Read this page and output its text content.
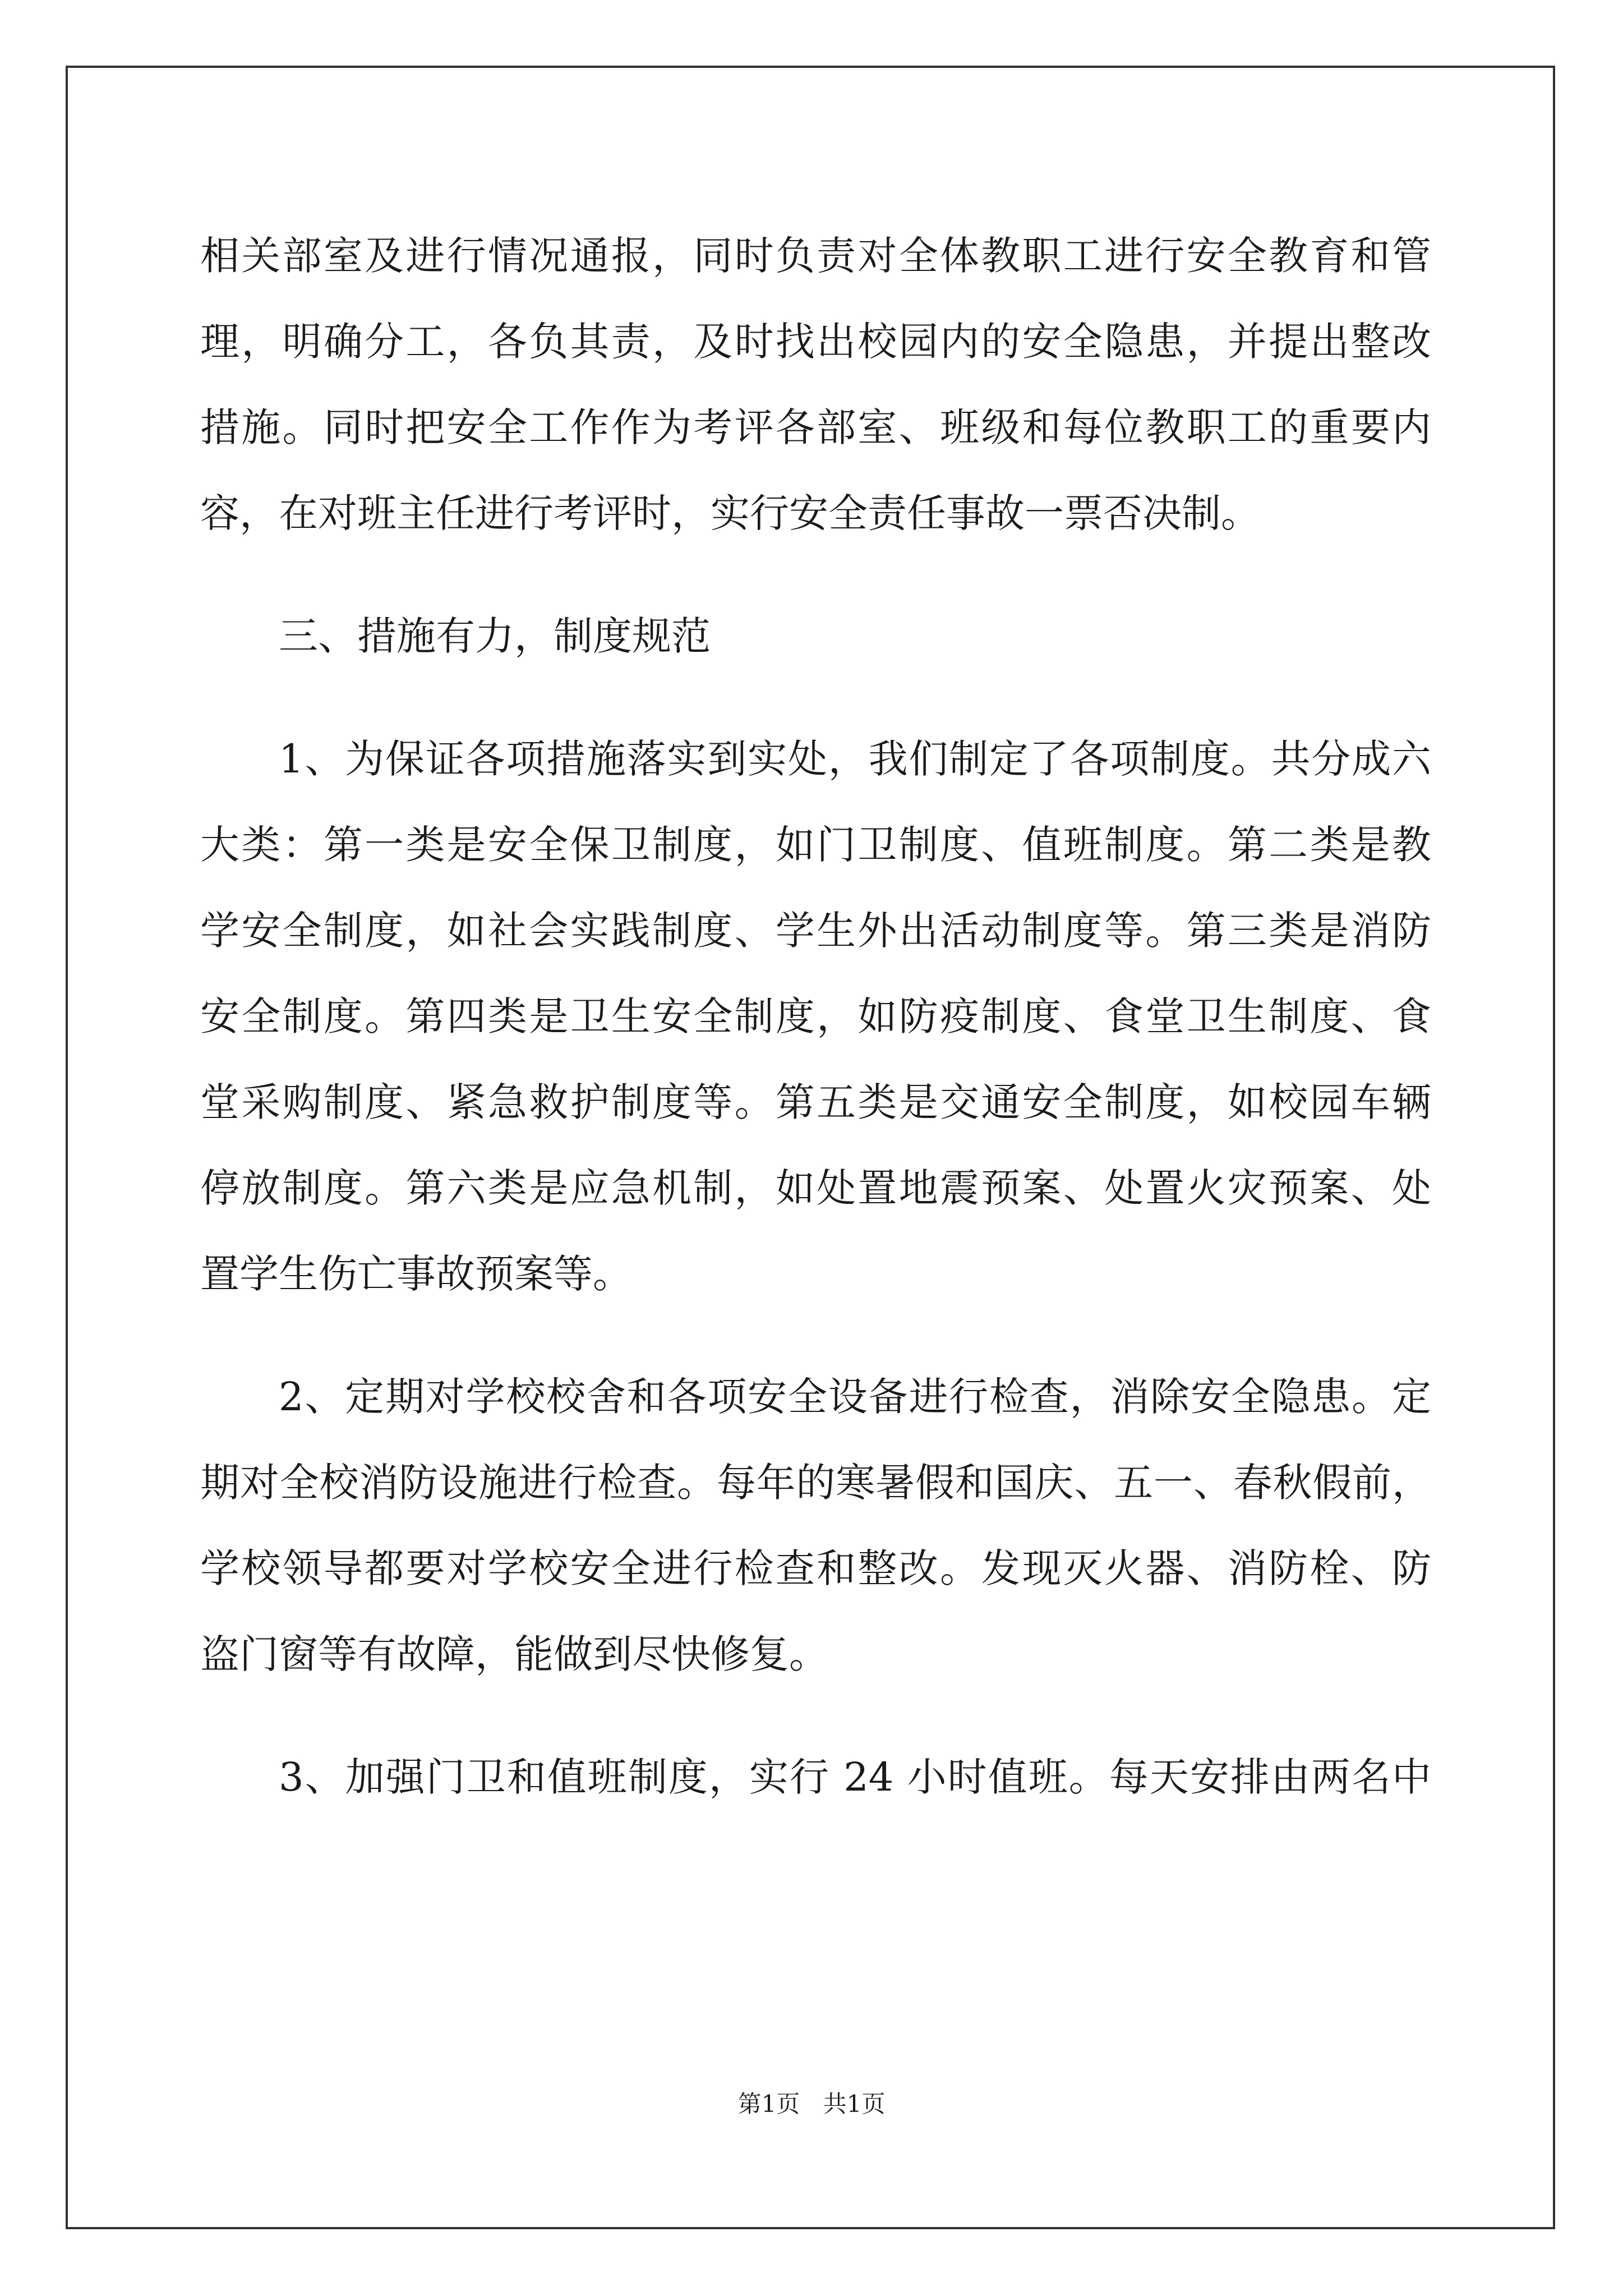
相关部室及进行情况通报，同时负责对全体教职工进行安全教育和管
理，明确分工，各负其责，及时找出校园内的安全隐患，并提出整改
措施。同时把安全工作作为考评各部室、班级和每位教职工的重要内
容，在对班主任进行考评时，实行安全责任事故一票否决制。
三、措施有力，制度规范
1、为保证各项措施落实到实处，我们制定了各项制度。共分成六
大类：第一类是安全保卫制度，如门卫制度、值班制度。第二类是教
学安全制度，如社会实践制度、学生外出活动制度等。第三类是消防
安全制度。第四类是卫生安全制度，如防疫制度、食堂卫生制度、食
堂采购制度、紧急救护制度等。第五类是交通安全制度，如校园车辆
停放制度。第六类是应急机制，如处置地震预案、处置火灾预案、处
置学生伤亡事故预案等。
2、定期对学校校舍和各项安全设备进行检查，消除安全隐患。定
期对全校消防设施进行检查。每年的寒暑假和国庆、五一、春秋假前，
学校领导都要对学校安全进行检查和整改。发现灭火器、消防栓、防
盗门窗等有故障，能做到尽快修复。
3、加强门卫和值班制度，实行 24 小时值班。每天安排由两名中
第1页 共1页
